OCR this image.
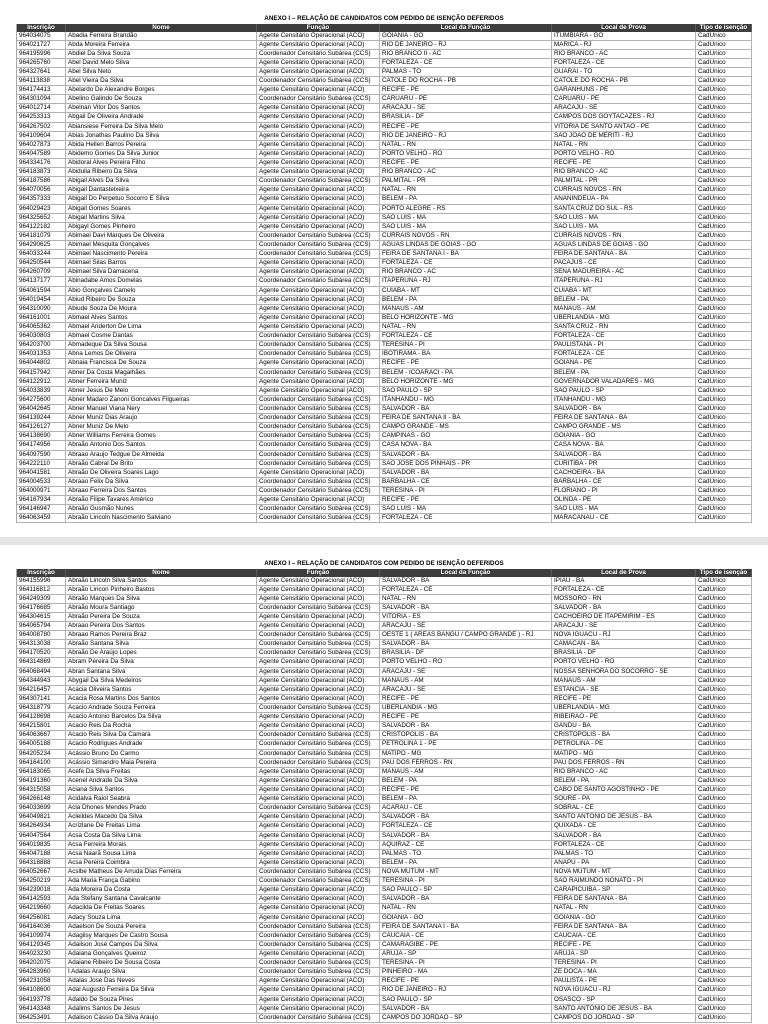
ANEXO I – RELAÇÃO DE CANDIDATOS COM PEDIDO DE ISENÇÃO DEFERIDOS
Inscrição	Nome	Função	Local da Função	Local de Prova	Tipo de isenção
964034075	Abadia Ferreira Brandão	Agente Censitário Operacional (ACO)	GOIANIA - GO	ITUMBIARA - GO	CadÚnico
964021727	Abda Moreira Ferreira	Agente Censitário Operacional (ACO)	RIO DE JANEIRO - RJ	MARICA - RJ	CadÚnico
964195996	Abdiel Da Silva Souza	Coordenador Censitário Subárea (CCS)	RIO BRANCO II - AC	RIO BRANCO - AC	CadÚnico
964265760	Abel David Melo Silva	Agente Censitário Operacional (ACO)	FORTALEZA - CE	FORTALEZA - CE	CadÚnico
964327641	Abel Silva Neto	Agente Censitário Operacional (ACO)	PALMAS - TO	GUARAI - TO	CadÚnico
964113838	Abel Vieira Da Silva	Coordenador Censitário Subárea (CCS)	CATOLE DO ROCHA - PB	CATOLE DO ROCHA - PB	CadÚnico
964174413	Abelardo De Alexandre Borges	Agente Censitário Operacional (ACO)	RECIFE - PE	GARANHUNS - PE	CadÚnico
964301094	Abelino Galindo De Souza	Coordenador Censitário Subárea (CCS)	CARUARU - PE	CARUARU - PE	CadÚnico
964012714	Abelnan Vitor Dos Santos	Agente Censitário Operacional (ACO)	ARACAJU - SE	ARACAJU - SE	CadÚnico
964253313	Abgail De Oliveira Andrade	Agente Censitário Operacional (ACO)	BRASILIA - DF	CAMPOS DOS GOYTACAZES - RJ	CadÚnico
964267502	Abiansiese Ferreira Da Silva Melo	Agente Censitário Operacional (ACO)	RECIFE - PE	VITORIA DE SANTO ANTAO - PE	CadÚnico
964109604	Abias Jonathas Paulino Da Silva	Agente Censitário Operacional (ACO)	RIO DE JANEIRO - RJ	SAO JOAO DE MERITI - RJ	CadÚnico
964027873	Abida Hellen Barros Pereira	Agente Censitário Operacional (ACO)	NATAL - RN	NATAL - RN	CadÚnico
964047589	Abidemo Gomes Da Silva Junior	Agente Censitário Operacional (ACO)	PORTO VELHO - RO	PORTO VELHO - RO	CadÚnico
964334176	Abidoral Alves Pereira Filho	Agente Censitário Operacional (ACO)	RECIFE - PE	RECIFE - PE	CadÚnico
964183873	Abidulia Ribeiro Da Silva	Agente Censitário Operacional (ACO)	RIO BRANCO - AC	RIO BRANCO - AC	CadÚnico
964187586	Abigail Alves Da Silva	Coordenador Censitário Subárea (CCS)	PALMITAL - PR	PALMITAL - PR	CadÚnico
964070056	Abigail Dantastelxeira	Agente Censitário Operacional (ACO)	NATAL - RN	CURRAIS NOVOS - RN	CadÚnico
964357333	Abigail Do Perpetuo Socorro E Silva	Agente Censitário Operacional (ACO)	BELEM - PA	ANANINDEUA - PA	CadÚnico
964029423	Abigail Gomes Soares	Agente Censitário Operacional (ACO)	PORTO ALEGRE - RS	SANTA CRUZ DO SUL - RS	CadÚnico
964325652	Abigail Martins Silva	Agente Censitário Operacional (ACO)	SAO LUIS - MA	SAO LUIS - MA	CadÚnico
964122182	Abigayl Gomes Pinheiro	Agente Censitário Operacional (ACO)	SAO LUIS - MA	SAO LUIS - MA	CadÚnico
964181079	Abimael Davi Marques De Oliveira	Coordenador Censitário Subárea (CCS)	CURRAIS NOVOS - RN	CURRAIS NOVOS - RN	CadÚnico
964290625	Abimael Mesquita Gonçalves	Coordenador Censitário Subárea (CCS)	AGUAS LINDAS DE GOIAS - GO	AGUAS LINDAS DE GOIAS - GO	CadÚnico
964033244	Abimael Nascimento Pereira	Coordenador Censitário Subárea (CCS)	FEIRA DE SANTANA I - BA	FEIRA DE SANTANA - BA	CadÚnico
964250544	Abimael Silas Barros	Agente Censitário Operacional (ACO)	FORTALEZA - CE	PACAJUS - CE	CadÚnico
964260709	Abimael Silva Damacena	Agente Censitário Operacional (ACO)	RIO BRANCO - AC	SENA MADUREIRA - AC	CadÚnico
964137177	Abinadabe Amos Domelas	Coordenador Censitário Subárea (CCS)	ITAPERUNA - RJ	ITAPERUNA - RJ	CadÚnico
964061594	Abio Gonçalves Camelo	Agente Censitário Operacional (ACO)	CUIABA - MT	CUIABA - MT	CadÚnico
964019454	Abiud Ribeiro De Souza	Agente Censitário Operacional (ACO)	BELEM - PA	BELEM - PA	CadÚnico
964310090	Abiude Souza De Moura	Agente Censitário Operacional (ACO)	MANAUS - AM	MANAUS - AM	CadÚnico
964161001	Abmael Alves Santos	Agente Censitário Operacional (ACO)	BELO HORIZONTE - MG	UBERLANDIA - MG	CadÚnico
964065362	Abmael Anderton De Lima	Agente Censitário Operacional (ACO)	NATAL - RN	SANTA CRUZ - RN	CadÚnico
964030803	Abmael Cosme Dantas	Coordenador Censitário Subárea (CCS)	FORTALEZA - CE	FORTALEZA - CE	CadÚnico
964203700	Abmadeque Da Silva Sousa	Coordenador Censitário Subárea (CCS)	TERESINA - PI	PAULISTANA - PI	CadÚnico
964031353	Abna Lemos De Oliveira	Coordenador Censitário Subárea (CCS)	IBOTIRAMA - BA	FORTALEZA - CE	CadÚnico
964044802	Abnaia Francisca De Souza	Agente Censitário Operacional (ACO)	RECIFE - PE	GOIANA - PE	CadÚnico
964157942	Abner Da Costa Magalhães	Coordenador Censitário Subárea (CCS)	BELEM - ICOARACI - PA	BELEM - PA	CadÚnico
964122912	Abner Ferreira Muniz	Agente Censitário Operacional (ACO)	BELO HORIZONTE - MG	GOVERNADOR VALADARES - MG	CadÚnico
964033839	Abner Jesus De Melo	Agente Censitário Operacional (ACO)	SAO PAULO - SP	SAO PAULO - SP	CadÚnico
964275600	Abner Madaro Zanoni Goncalves Filgueiras	Coordenador Censitário Subárea (CCS)	ITANHANDU - MG	ITANHANDU - MG	CadÚnico
964042645	Abner Manuel Viana Nery	Coordenador Censitário Subárea (CCS)	SALVADOR - BA	SALVADOR - BA	CadÚnico
964139244	Abner Muniz Dias Araujo	Coordenador Censitário Subárea (CCS)	FEIRA DE SANTANA II - BA	FEIRA DE SANTANA - BA	CadÚnico
964126127	Abner Muniz De Melo	Coordenador Censitário Subárea (CCS)	CAMPO GRANDE - MS	CAMPO GRANDE - MS	CadÚnico
964138690	Abner Williams Ferreira Gomes	Coordenador Censitário Subárea (CCS)	CAMPINAS - GO	GOIANIA - GO	CadÚnico
964174956	Abraão Antonio Dos Santos	Coordenador Censitário Subárea (CCS)	CASA NOVA - BA	CASA NOVA - BA	CadÚnico
964097590	Abraao Araujo Tedgue De Almeida	Coordenador Censitário Subárea (CCS)	SALVADOR - BA	SALVADOR - BA	CadÚnico
964222110	Abraão Cabral De Brito	Coordenador Censitário Subárea (CCS)	SAO JOSE DOS PINHAIS - PR	CURITIBA - PR	CadÚnico
964041581	Abraão De Oliveira Soares Lago	Agente Censitário Operacional (ACO)	SALVADOR - BA	CACHOEIRA - BA	CadÚnico
964004533	Abraao Felix Da Silva	Coordenador Censitário Subárea (CCS)	BARBALHA - CE	BARBALHA - CE	CadÚnico
964000971	Abraao Ferreira Dos Santos	Coordenador Censitário Subárea (CCS)	TERESINA - PI	FLORIANO - PI	CadÚnico
964167934	Abraão Filipe Tavares Américo	Agente Censitário Operacional (ACO)	RECIFE - PE	OLINDA - PE	CadÚnico
964146947	Abraão Gusmão Nunes	Coordenador Censitário Subárea (CCS)	SAO LUIS - MA	SAO LUIS - MA	CadÚnico
964063459	Abraão Lincoln Nascimento Salviano	Coordenador Censitário Subárea (CCS)	FORTALEZA - CE	MARACANAU - CE	CadÚnico
ANEXO I – RELAÇÃO DE CANDIDATOS COM PEDIDO DE ISENÇÃO DEFERIDOS
Inscrição	Nome	Função	Local da Função	Local de Prova	Tipo de isenção
964155996	Abraão Lincoln Silva Santos	Agente Censitário Operacional (ACO)	SALVADOR - BA	IPIAU - BA	CadÚnico
964116812	Abraão Lincon Pinheiro Bastos	Agente Censitário Operacional (ACO)	FORTALEZA - CE	FORTALEZA - CE	CadÚnico
964249309	Abraão Marques Da Silva	Agente Censitário Operacional (ACO)	NATAL - RN	MOSSORO - RN	CadÚnico
964176685	Abraão Moura Santiago	Coordenador Censitário Subárea (CCS)	SALVADOR - BA	SALVADOR - BA	CadÚnico
964304615	Abraão Pereira De Souza	Agente Censitário Operacional (ACO)	VITORIA - ES	CACHOEIRO DE ITAPEMIRIM - ES	CadÚnico
964065794	Abraao Pereira Dos Santos	Agente Censitário Operacional (ACO)	ARACAJU - SE	ARACAJU - SE	CadÚnico
964008780	Abraao Ramos Pereira Braz	Coordenador Censitário Subárea (CCS)	OESTE 1 ( AREAS BANGU / CAMPO GRANDE ) - RJ	NOVA IGUACU - RJ	CadÚnico
964313038	Abraão Santana Silva	Coordenador Censitário Subárea (CCS)	SALVADOR - BA	CAMACAN - BA	CadÚnico
964170520	Abraão De Araújo Lopes	Coordenador Censitário Subárea (CCS)	BRASILIA - DF	BRASILIA - DF	CadÚnico
964314869	Abram Pereira Da Silva	Agente Censitário Operacional (ACO)	PORTO VELHO - RO	PORTO VELHO - RO	CadÚnico
964068494	Abran Santana Silva	Agente Censitário Operacional (ACO)	ARACAJU - SE	NOSSA SENHORA DO SOCORRO - SE	CadÚnico
964344943	Abygail Da Silva Medeiros	Agente Censitário Operacional (ACO)	MANAUS - AM	MANAUS - AM	CadÚnico
964216457	Acacia Oliveira Santos	Agente Censitário Operacional (ACO)	ARACAJU - SE	ESTANCIA - SE	CadÚnico
964307141	Acacia Rosa Martins Dos Santos	Agente Censitário Operacional (ACO)	RECIFE - PE	RECIFE - PE	CadÚnico
964318779	Acacio Andrade Souza Ferreira	Coordenador Censitário Subárea (CCS)	UBERLANDIA - MG	UBERLANDIA - MG	CadÚnico
964128698	Acacio Antonio Barcelos Da Silva	Agente Censitário Operacional (ACO)	RECIFE - PE	RIBEIRAO - PE	CadÚnico
964215801	Acacio Reis Da Rocha	Agente Censitário Operacional (ACO)	SALVADOR - BA	GANDU - BA	CadÚnico
964063667	Acacio Reis Silva Da Camara	Coordenador Censitário Subárea (CCS)	CRISTOPOLIS - BA	CRISTOPOLIS - BA	CadÚnico
964005188	Acacio Rodrigues Andrade	Coordenador Censitário Subárea (CCS)	PETROLINA 1 - PE	PETROLINA - PE	CadÚnico
964205234	Acássio Bruno Do Carmo	Coordenador Censitário Subárea (CCS)	MATIPO - MG	MATIPO - MG	CadÚnico
964164100	Acássio Simandro Maia Pereira	Coordenador Censitário Subárea (CCS)	PAU DOS FERROS - RN	PAU DOS FERROS - RN	CadÚnico
964183065	Acefe Da Silva Freitas	Agente Censitário Operacional (ACO)	MANAUS - AM	RIO BRANCO - AC	CadÚnico
964191360	Acenel Andrade Da Silva	Agente Censitário Operacional (ACO)	BELEM - PA	BELEM - PA	CadÚnico
964315058	Aciana Silva Santos	Agente Censitário Operacional (ACO)	RECIFE - PE	CABO DE SANTO AGOSTINHO - PE	CadÚnico
964266148	Acidalva Raiol Seabra	Agente Censitário Operacional (ACO)	BELEM - PA	SOURE - PA	CadÚnico
964033699	Acla Dhones Mendes Prado	Coordenador Censitário Subárea (CCS)	ACARAU - CE	SOBRAL - CE	CadÚnico
964049821	Acleildes Macedo Da Silva	Agente Censitário Operacional (ACO)	SALVADOR - BA	SANTO ANTONIO DE JESUS - BA	CadÚnico
964264934	Acrizlane De Freitas Lima	Agente Censitário Operacional (ACO)	FORTALEZA - CE	QUIXADA - CE	CadÚnico
964047564	Acsa Costa Da Silva Lima	Agente Censitário Operacional (ACO)	SALVADOR - BA	SALVADOR - BA	CadÚnico
964019835	Acsa Ferreira Morais	Agente Censitário Operacional (ACO)	AQUIRAZ - CE	FORTALEZA - CE	CadÚnico
964047188	Acsa Naarã Sousa Lima	Agente Censitário Operacional (ACO)	PALMAS - TO	PALMAS - TO	CadÚnico
964318888	Acsa Pereira Coimbra	Agente Censitário Operacional (ACO)	BELEM - PA	ANAPU - PA	CadÚnico
964052667	Acslbe Matheus De Arruda Dias Ferreira	Coordenador Censitário Subárea (CCS)	NOVA MUTUM - MT	NOVA MUTUM - MT	CadÚnico
964250219	Ada Maria França Gabino	Coordenador Censitário Subárea (CCS)	TERESINA - PI	SAO RAIMUNDO NONATO - PI	CadÚnico
964239018	Ada Moreira Da Costa	Agente Censitário Operacional (ACO)	SAO PAULO - SP	CARAPICUIBA - SP	CadÚnico
964142593	Ada Stefany Santana Cavalcante	Agente Censitário Operacional (ACO)	SALVADOR - BA	FEIRA DE SANTANA - BA	CadÚnico
964219660	Adacilda De Freitas Soares	Agente Censitário Operacional (ACO)	NATAL - RN	NATAL - RN	CadÚnico
964256081	Adacy Souza Lima	Agente Censitário Operacional (ACO)	GOIANIA - GO	GOIANIA - GO	CadÚnico
964164036	Adaelson De Souza Pereira	Coordenador Censitário Subárea (CCS)	FEIRA DE SANTANA I - BA	FEIRA DE SANTANA - BA	CadÚnico
964109974	Adagilsy Marques De Castro Sousa	Coordenador Censitário Subárea (CCS)	CAUCAIA - CE	CAUCAIA - CE	CadÚnico
964129345	Adailson José Campos Da Silva	Coordenador Censitário Subárea (CCS)	CAMARAGIBE - PE	RECIFE - PE	CadÚnico
964023230	Adaiana Gonçalves Queiroz	Agente Censitário Operacional (ACO)	ARUJA - SP	ARUJA - SP	CadÚnico
964202075	Adaiane Ribeiro De Sousa Costa	Coordenador Censitário Subárea (CCS)	TERESINA - PI	TERESINA - PI	CadÚnico
964283960	I Adalas Araujo Silva	Coordenador Censitário Subárea (CCS)	PINHEIRO - MA	ZE DOCA - MA	CadÚnico
964231058	Adalas José Das Neves	Agente Censitário Operacional (ACO)	RECIFE - PE	PAULISTA - PE	CadÚnico
964108600	Adal Augusto Ferreira Da Silva	Agente Censitário Operacional (ACO)	RIO DE JANEIRO - RJ	NOVA IGUACU - RJ	CadÚnico
964193778	Adaldo De Souza Pires	Agente Censitário Operacional (ACO)	SAO PAULO - SP	OSASCO - SP	CadÚnico
964143348	Adalims Santos De Jesus	Agente Censitário Operacional (ACO)	SALVADOR - BA	SANTO ANTONIO DE JESUS - BA	CadÚnico
964253491	Adalison Cássio Da Silva Araujo	Coordenador Censitário Subárea (CCS)	CAMPOS DO JORDAO - SP	CAMPOS DO JORDAO - SP	CadÚnico
